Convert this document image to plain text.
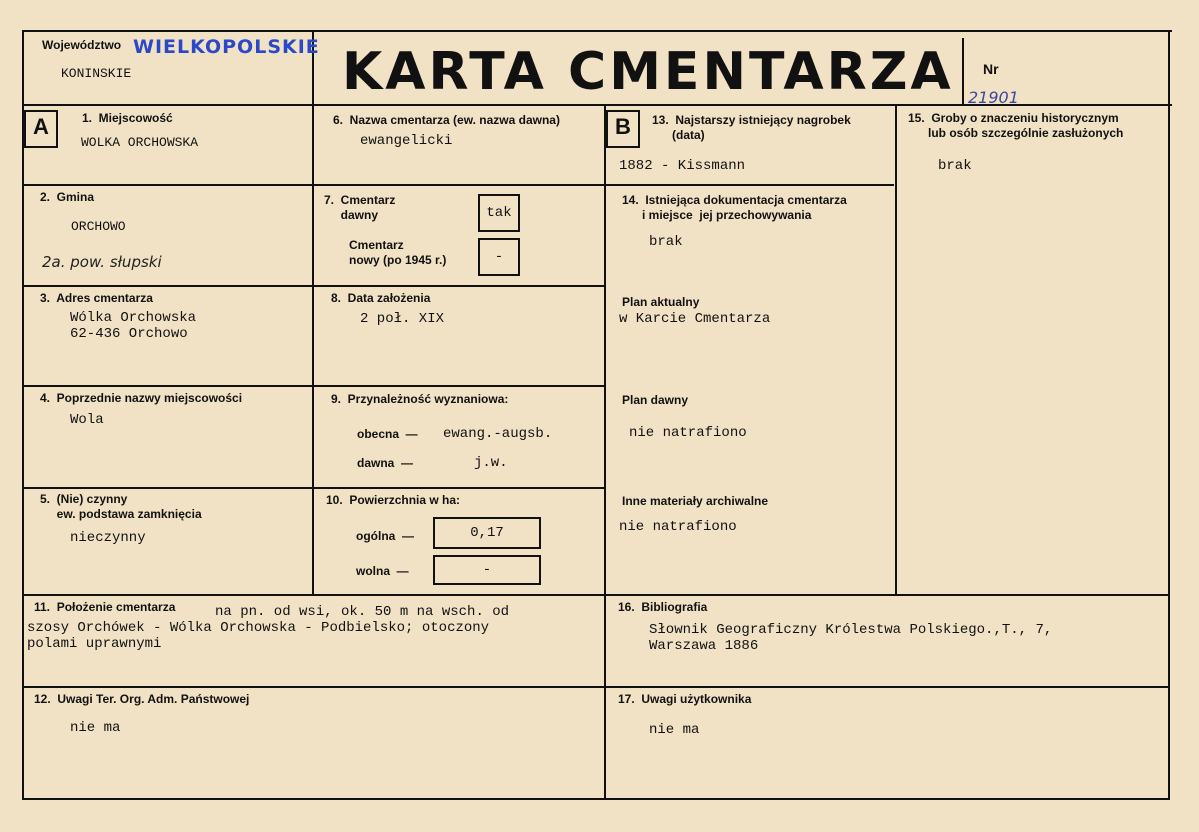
Województwo WIELKOPOLSKIE
KONINSKIE	KARTA CMENTARZA Nr
21901
A	B
1.  Miejscowość
WOLKA ORCHOWSKA
2.  Gmina
ORCHOWO
2a. pow. słupski
3.  Adres cmentarza
Wólka Orchowska
62-436 Orchowo
4.  Poprzednie nazwy miejscowości
Wola
5.  (Nie) czynny
ew. podstawa zamknięcia
nieczynny
6.  Nazwa cmentarza (ew. nazwa dawna)
ewangelicki
7.  Cmentarz
dawny	tak
Cmentarz
nowy (po 1945 r.)	-
8.  Data założenia
2 poł. XIX
9.  Przynależność wyznaniowa:
obecna  — ewang.-augsb.
dawna  —	j.w.
10.  Powierzchnia w ha:
ogólna  —	0,17
wolna  —	-
13.  Najstarszy istniejący nagrobek
(data)
1882 - Kissmann
14.  Istniejąca dokumentacja cmentarza
i miejsce  jej przechowywania
brak
Plan aktualny
w Karcie Cmentarza
Plan dawny
nie natrafiono
Inne materiały archiwalne
nie natrafiono
15.  Groby o znaczeniu historycznym
lub osób szczególnie zasłużonych
brak
11.  Położenie cmentarza	na pn. od wsi, ok. 50 m na wsch. od
szosy Orchówek - Wólka Orchowska - Podbielsko; otoczony
polami uprawnymi
16.  Bibliografia
Słownik Geograficzny Królestwa Polskiego.,T., 7,
Warszawa 1886
12.  Uwagi Ter. Org. Adm. Państwowej
nie ma
17.  Uwagi użytkownika
nie ma
